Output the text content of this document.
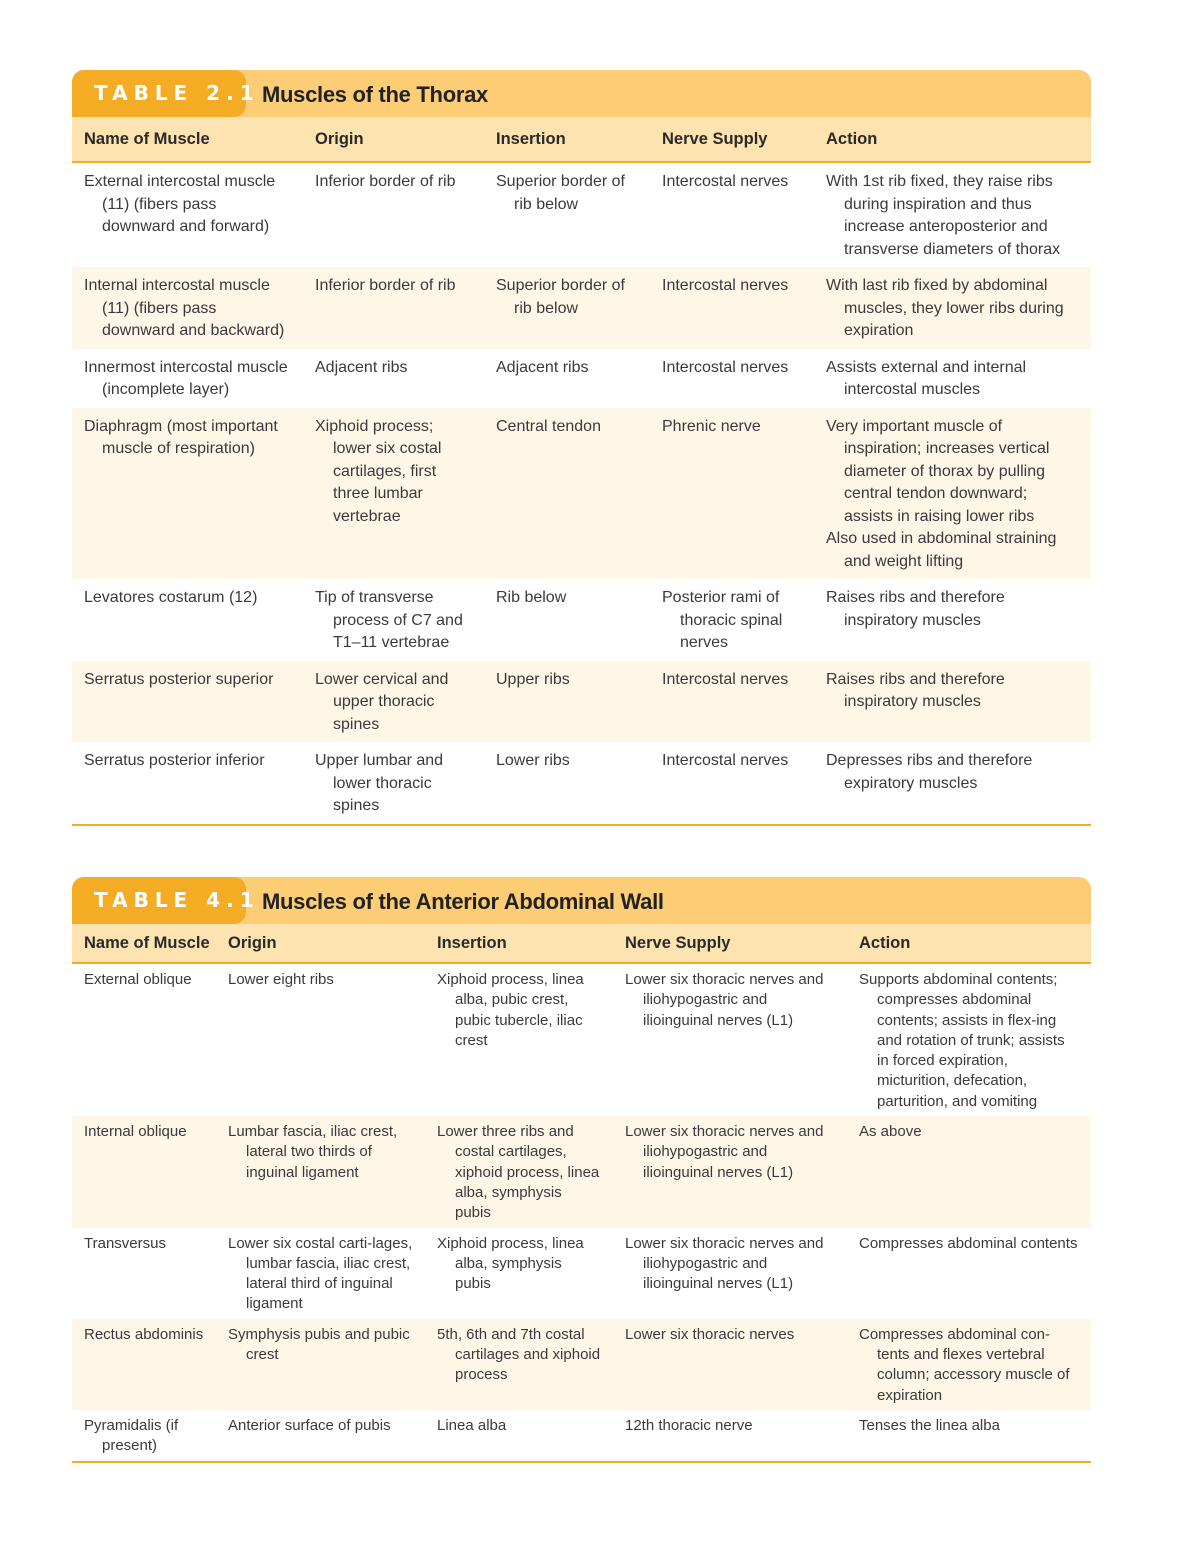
TABLE 2.1 Muscles of the Thorax
Name of Muscle	Origin	Insertion	Nerve Supply	Action

External intercostal muscle (11) (fibers pass downward and forward)	Inferior border of rib	Superior border of rib below	Intercostal nerves	With 1st rib fixed, they raise ribs during inspiration and thus increase anteroposterior and transverse diameters of thorax

Internal intercostal muscle (11) (fibers pass downward and backward)	Inferior border of rib	Superior border of rib below	Intercostal nerves	With last rib fixed by abdominal muscles, they lower ribs during expiration

Innermost intercostal muscle (incomplete layer)	Adjacent ribs	Adjacent ribs	Intercostal nerves	Assists external and internal intercostal muscles

Diaphragm (most important muscle of respiration)	Xiphoid process; lower six costal cartilages, first three lumbar vertebrae	Central tendon	Phrenic nerve	Very important muscle of inspiration; increases vertical diameter of thorax by pulling central tendon downward; assists in raising lower ribs
Also used in abdominal straining and weight lifting

Levatores costarum (12)	Tip of transverse process of C7 and T1–11 vertebrae	Rib below	Posterior rami of thoracic spinal nerves	Raises ribs and therefore inspiratory muscles

Serratus posterior superior	Lower cervical and upper thoracic spines	Upper ribs	Intercostal nerves	Raises ribs and therefore inspiratory muscles

Serratus posterior inferior	Upper lumbar and lower thoracic spines	Lower ribs	Intercostal nerves	Depresses ribs and therefore expiratory muscles
TABLE 4.1 Muscles of the Anterior Abdominal Wall
Name of Muscle	Origin	Insertion	Nerve Supply	Action

External oblique	Lower eight ribs	Xiphoid process, linea alba, pubic crest, pubic tubercle, iliac crest	Lower six thoracic nerves and iliohypogastric and ilioinguinal nerves (L1)	Supports abdominal contents; compresses abdominal contents; assists in flex-ing and rotation of trunk; assists in forced expiration, micturition, defecation, parturition, and vomiting

Internal oblique	Lumbar fascia, iliac crest, lateral two thirds of inguinal ligament	Lower three ribs and costal cartilages, xiphoid process, linea alba, symphysis pubis	Lower six thoracic nerves and iliohypogastric and ilioinguinal nerves (L1)	As above

Transversus	Lower six costal carti-lages, lumbar fascia, iliac crest, lateral third of inguinal ligament	Xiphoid process, linea alba, symphysis pubis	Lower six thoracic nerves and iliohypogastric and ilioinguinal nerves (L1)	Compresses abdominal contents

Rectus abdominis	Symphysis pubis and pubic crest	5th, 6th and 7th costal cartilages and xiphoid process	Lower six thoracic nerves	Compresses abdominal con-tents and flexes vertebral column; accessory muscle of expiration

Pyramidalis (if present)	Anterior surface of pubis	Linea alba	12th thoracic nerve	Tenses the linea alba
